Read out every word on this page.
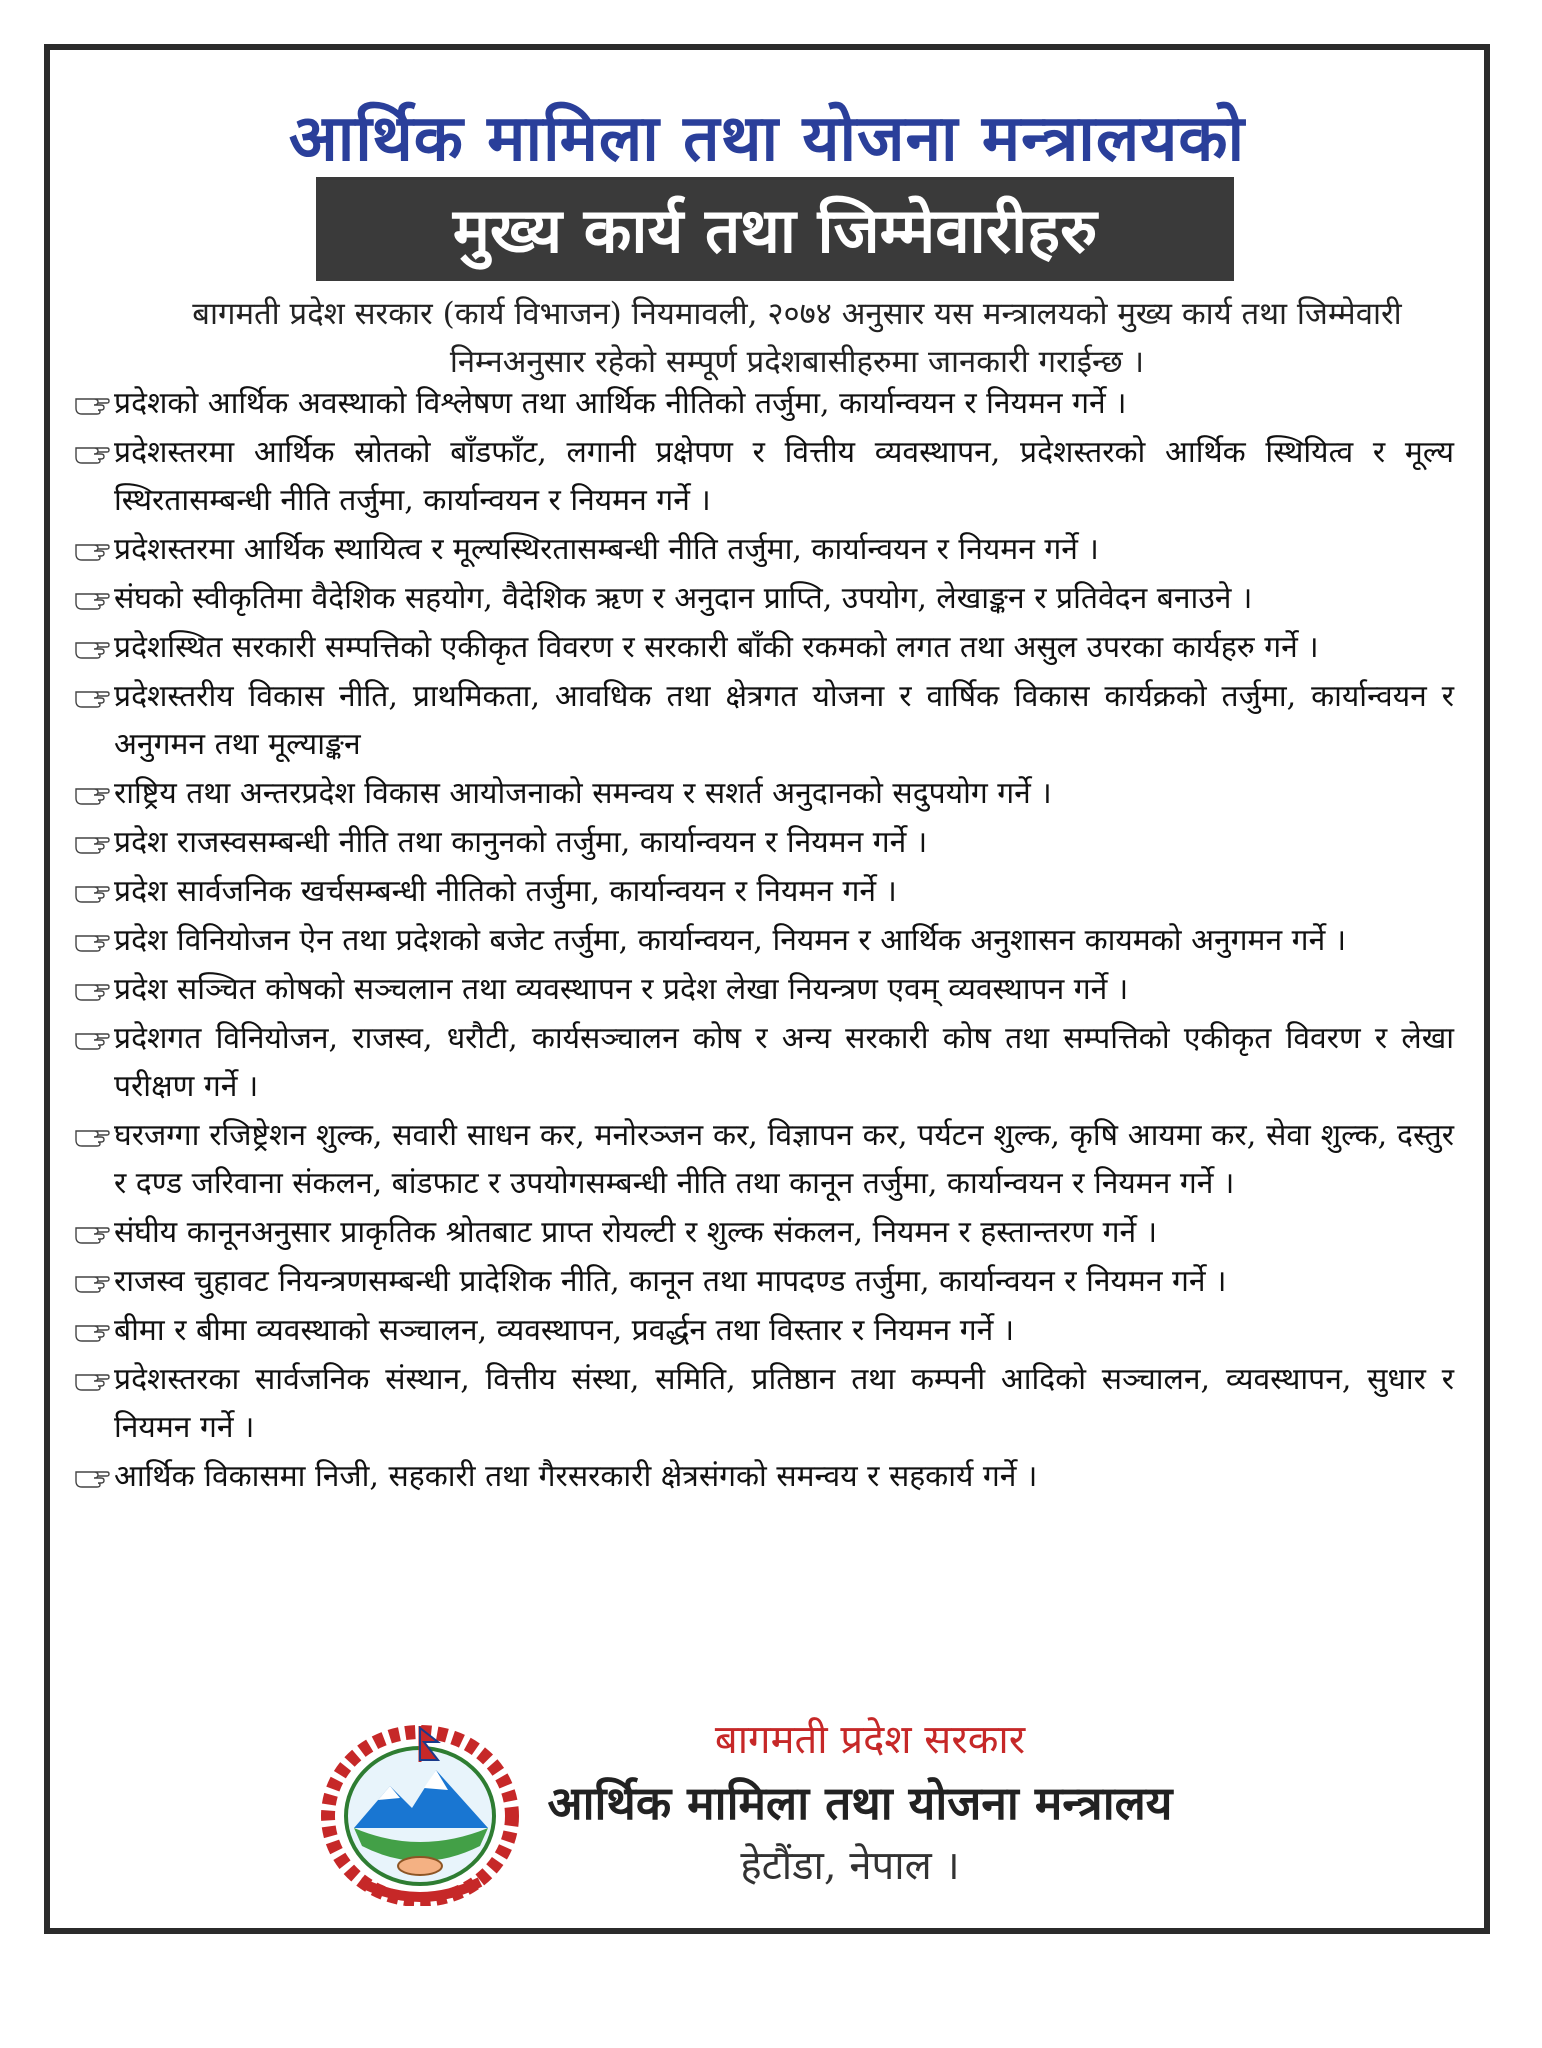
आर्थिक मामिला तथा योजना मन्त्रालयको
मुख्य कार्य तथा जिम्मेवारीहरु
बागमती प्रदेश सरकार (कार्य विभाजन) नियमावली, २०७४ अनुसार यस मन्त्रालयको मुख्य कार्य तथा जिम्मेवारी निम्नअनुसार रहेको सम्पूर्ण प्रदेशबासीहरुमा जानकारी गराईन्छ ।
प्रदेशको आर्थिक अवस्थाको विश्लेषण तथा आर्थिक नीतिको तर्जुमा, कार्यान्वयन र नियमन गर्ने ।
प्रदेशस्तरमा आर्थिक स्रोतको बाँडफाँट, लगानी प्रक्षेपण र वित्तीय व्यवस्थापन, प्रदेशस्तरको आर्थिक स्थियित्व र मूल्य स्थिरतासम्बन्धी नीति तर्जुमा, कार्यान्वयन र नियमन गर्ने ।
प्रदेशस्तरमा आर्थिक स्थायित्व र मूल्यस्थिरतासम्बन्धी नीति तर्जुमा, कार्यान्वयन र नियमन गर्ने ।
संघको स्वीकृतिमा वैदेशिक सहयोग, वैदेशिक ऋण र अनुदान प्राप्ति, उपयोग, लेखाङ्कन र प्रतिवेदन बनाउने ।
प्रदेशस्थित सरकारी सम्पत्तिको एकीकृत विवरण र सरकारी बाँकी रकमको लगत तथा असुल उपरका कार्यहरु गर्ने ।
प्रदेशस्तरीय विकास नीति, प्राथमिकता, आवधिक तथा क्षेत्रगत योजना र वार्षिक विकास कार्यक्रको तर्जुमा, कार्यान्वयन र अनुगमन तथा मूल्याङ्कन
राष्ट्रिय तथा अन्तरप्रदेश विकास आयोजनाको समन्वय र सशर्त अनुदानको सदुपयोग गर्ने ।
प्रदेश राजस्वसम्बन्धी नीति तथा कानुनको तर्जुमा, कार्यान्वयन र नियमन गर्ने ।
प्रदेश सार्वजनिक खर्चसम्बन्धी नीतिको तर्जुमा, कार्यान्वयन र नियमन गर्ने ।
प्रदेश विनियोजन ऐन तथा प्रदेशको बजेट तर्जुमा, कार्यान्वयन, नियमन र आर्थिक अनुशासन कायमको अनुगमन गर्ने ।
प्रदेश सञ्चित कोषको सञ्चलान तथा व्यवस्थापन र प्रदेश लेखा नियन्त्रण एवम् व्यवस्थापन गर्ने ।
प्रदेशगत विनियोजन, राजस्व, धरौटी, कार्यसञ्चालन कोष र अन्य सरकारी कोष तथा सम्पत्तिको एकीकृत विवरण र लेखा परीक्षण गर्ने ।
घरजग्गा रजिष्ट्रेशन शुल्क, सवारी साधन कर, मनोरञ्जन कर, विज्ञापन कर, पर्यटन शुल्क, कृषि आयमा कर, सेवा शुल्क, दस्तुर र दण्ड जरिवाना संकलन, बांडफाट र उपयोगसम्बन्धी नीति तथा कानून तर्जुमा, कार्यान्वयन र नियमन गर्ने ।
संघीय कानूनअनुसार प्राकृतिक श्रोतबाट प्राप्त रोयल्टी र शुल्क संकलन, नियमन र हस्तान्तरण गर्ने ।
राजस्व चुहावट नियन्त्रणसम्बन्धी प्रादेशिक नीति, कानून तथा मापदण्ड तर्जुमा, कार्यान्वयन र नियमन गर्ने ।
बीमा र बीमा व्यवस्थाको सञ्चालन, व्यवस्थापन, प्रवर्द्धन तथा विस्तार र नियमन गर्ने ।
प्रदेशस्तरका सार्वजनिक संस्थान, वित्तीय संस्था, समिति, प्रतिष्ठान तथा कम्पनी आदिको सञ्चालन, व्यवस्थापन, सुधार र नियमन गर्ने ।
आर्थिक विकासमा निजी, सहकारी तथा गैरसरकारी क्षेत्रसंगको समन्वय र सहकार्य गर्ने ।
बागमती प्रदेश सरकार
आर्थिक मामिला तथा योजना मन्त्रालय
हेटौंडा, नेपाल ।
